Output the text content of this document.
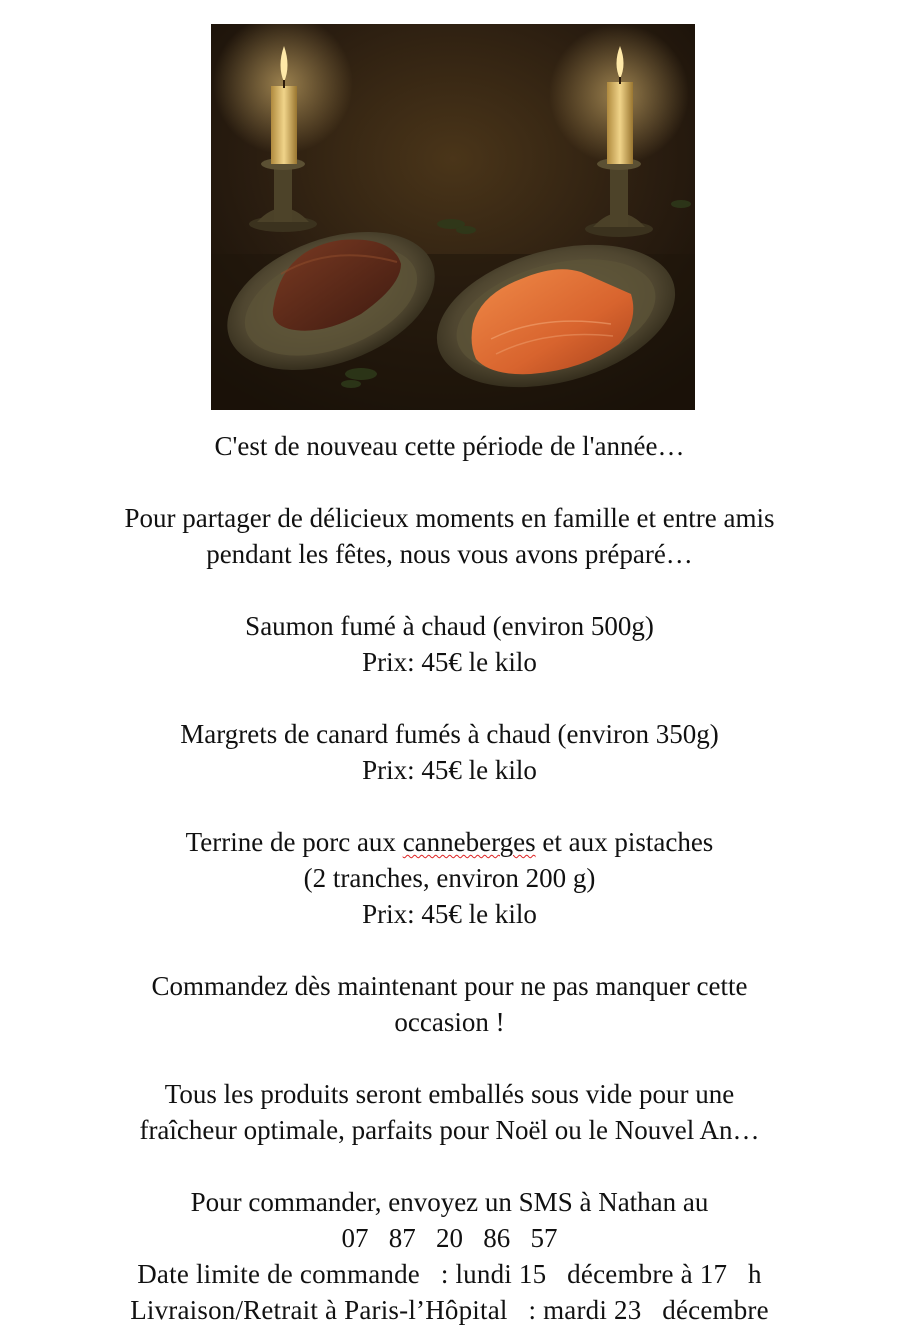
C'est de nouveau cette période de l'année…

Pour partager de délicieux moments en famille et entre amis

pendant les fêtes, nous vous avons préparé…

Saumon fumé à chaud (environ 500g)

Prix: 45€ le kilo

Margrets de canard fumés à chaud (environ 350g)

Prix: 45€ le kilo

Terrine de porc aux canneberges et aux pistaches

(2 tranches, environ 200 g)

Prix: 45€ le kilo

Commandez dès maintenant pour ne pas manquer cette

occasion !

Tous les produits seront emballés sous vide pour une

fraîcheur optimale, parfaits pour Noël ou le Nouvel An…

Pour commander, envoyez un SMS à Nathan au

07   87   20   86   57

Date limite de commande   : lundi 15   décembre à 17   h

Livraison/Retrait à Paris-l’Hôpital   : mardi 23   décembre
